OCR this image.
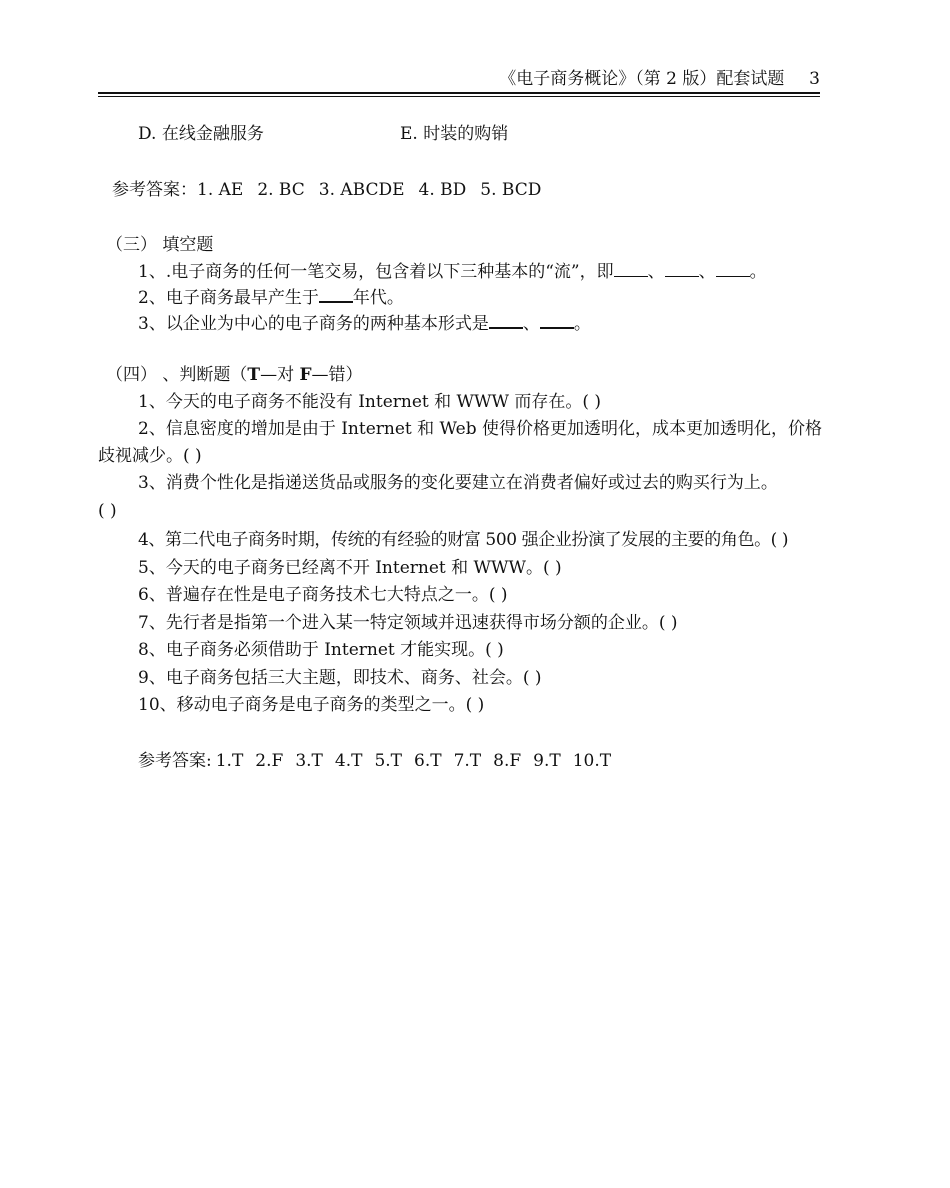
《电子商务概论》（第 2 版）配套试题 3
D. 在线金融服务	E. 时装的购销
参考答案：1. AE 2. BC 3. ABCDE 4. BD 5. BCD
（三） 填空题
1、.电子商务的任何一笔交易，包含着以下三种基本的“流”，即 、 、 。
2、电子商务最早产生于 年代。
3、以企业为中心的电子商务的两种基本形式是 、 。
（四） 、判断题（T—对 F—错）
1、今天的电子商务不能没有 Internet 和 WWW 而存在。( )
2、信息密度的增加是由于 Internet 和 Web 使得价格更加透明化，成本更加透明化，价格
歧视减少。( )
3、消费个性化是指递送货品或服务的变化要建立在消费者偏好或过去的购买行为上。
( )
4、第二代电子商务时期，传统的有经验的财富 500 强企业扮演了发展的主要的角色。( )
5、今天的电子商务已经离不开 Internet 和 WWW。( )
6、普遍存在性是电子商务技术七大特点之一。( )
7、先行者是指第一个进入某一特定领域并迅速获得市场分额的企业。( )
8、电子商务必须借助于 Internet 才能实现。( )
9、电子商务包括三大主题，即技术、商务、社会。( )
10、移动电子商务是电子商务的类型之一。( )
参考答案: 1.T 2.F 3.T 4.T 5.T 6.T 7.T 8.F 9.T 10.T
